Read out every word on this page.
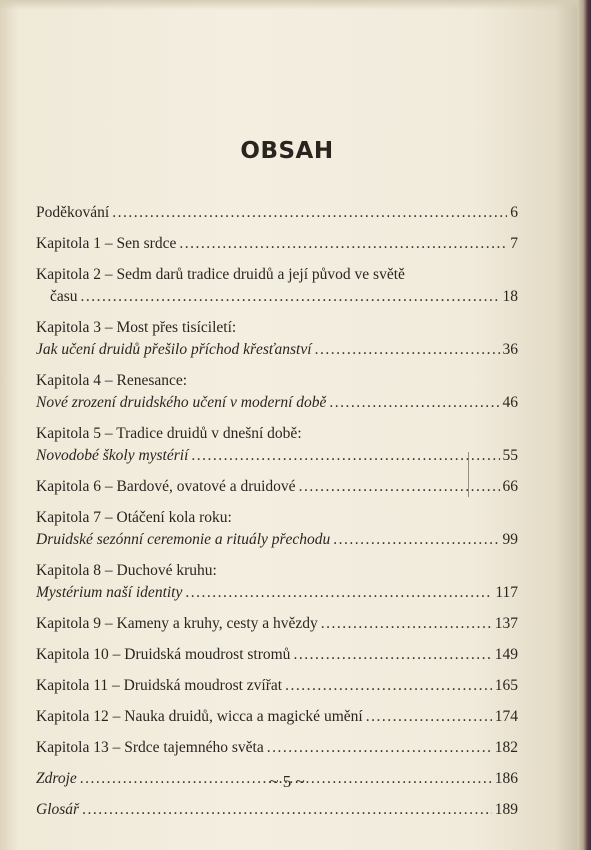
OBSAH
Poděkování .....	6
Kapitola 1 – Sen srdce .....	7
Kapitola 2 – Sedm darů tradice druidů a její původ ve světě
času .....	18
Kapitola 3 – Most přes tisíciletí:
Jak učení druidů přešilo příchod křesťanství .....	36
Kapitola 4 – Renesance:
Nové zrození druidského učení v moderní době .....	46
Kapitola 5 – Tradice druidů v dnešní době:
Novodobé školy mystérií .....	55
Kapitola 6 – Bardové, ovatové a druidové .....	66
Kapitola 7 – Otáčení kola roku:
Druidské sezónní ceremonie a rituály přechodu .....	99
Kapitola 8 – Duchové kruhu:
Mystérium naší identity .....	117
Kapitola 9 – Kameny a kruhy, cesty a hvězdy .....	137
Kapitola 10 – Druidská moudrost stromů .....	149
Kapitola 11 – Druidská moudrost zvířat .....	165
Kapitola 12 – Nauka druidů, wicca a magické umění .....	174
Kapitola 13 – Srdce tajemného světa .....	182
Zdroje .....	186
Glosář .....	189
~ 5 ~
